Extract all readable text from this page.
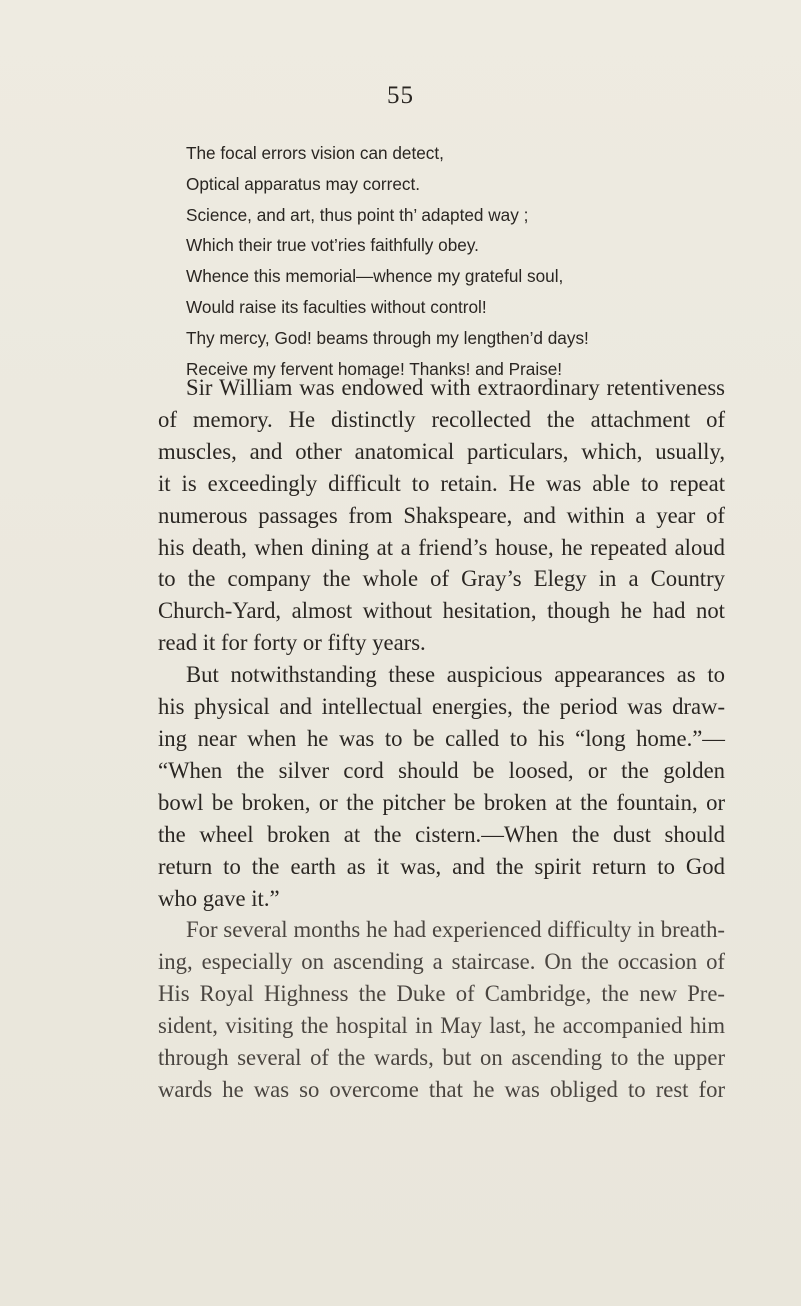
55
The focal errors vision can detect,
Optical apparatus may correct.
Science, and art, thus point th’ adapted way ;
Which their true vot’ries faithfully obey.
Whence this memorial—whence my grateful soul,
Would raise its faculties without control!
Thy mercy, God! beams through my lengthen’d days!
Receive my fervent homage! Thanks! and Praise!
Sir William was endowed with extraordinary retentiveness
of memory. He distinctly recollected the attachment of
muscles, and other anatomical particulars, which, usually,
it is exceedingly difficult to retain. He was able to repeat
numerous passages from Shakspeare, and within a year of
his death, when dining at a friend’s house, he repeated aloud
to the company the whole of Gray’s Elegy in a Country
Church-Yard, almost without hesitation, though he had not
read it for forty or fifty years.
But notwithstanding these auspicious appearances as to
his physical and intellectual energies, the period was draw-
ing near when he was to be called to his “long home.”—
“When the silver cord should be loosed, or the golden
bowl be broken, or the pitcher be broken at the fountain, or
the wheel broken at the cistern.—When the dust should
return to the earth as it was, and the spirit return to God
who gave it.”
For several months he had experienced difficulty in breath-
ing, especially on ascending a staircase. On the occasion of
His Royal Highness the Duke of Cambridge, the new Pre-
sident, visiting the hospital in May last, he accompanied him
through several of the wards, but on ascending to the upper
wards he was so overcome that he was obliged to rest for
